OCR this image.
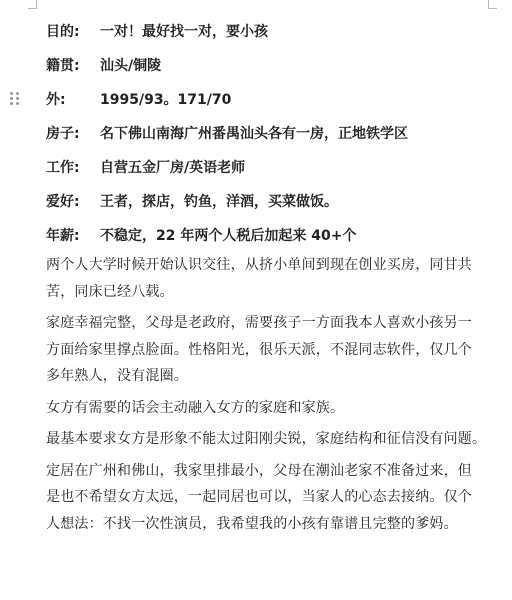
目的:	一对！最好找一对，要小孩
籍贯:	汕头/铜陵
外:	1995/93。171/70
房子:	名下佛山南海广州番禺汕头各有一房，正地铁学区
工作:	自营五金厂房/英语老师
爱好:	王者，探店，钓鱼，洋酒，买菜做饭。
年薪:	不稳定，22 年两个人税后加起来 40+个

两个人大学时候开始认识交往，从挤小单间到现在创业买房，同甘共
苦，同床已经八载。

家庭幸福完整，父母是老政府，需要孩子一方面我本人喜欢小孩另一
方面给家里撑点脸面。性格阳光，很乐天派，不混同志软件，仅几个
多年熟人，没有混圈。

女方有需要的话会主动融入女方的家庭和家族。

最基本要求女方是形象不能太过阳刚尖锐，家庭结构和征信没有问题。

定居在广州和佛山，我家里排最小，父母在潮汕老家不准备过来，但
是也不希望女方太远，一起同居也可以，当家人的心态去接纳。仅个
人想法：不找一次性演员，我希望我的小孩有靠谱且完整的爹妈。
